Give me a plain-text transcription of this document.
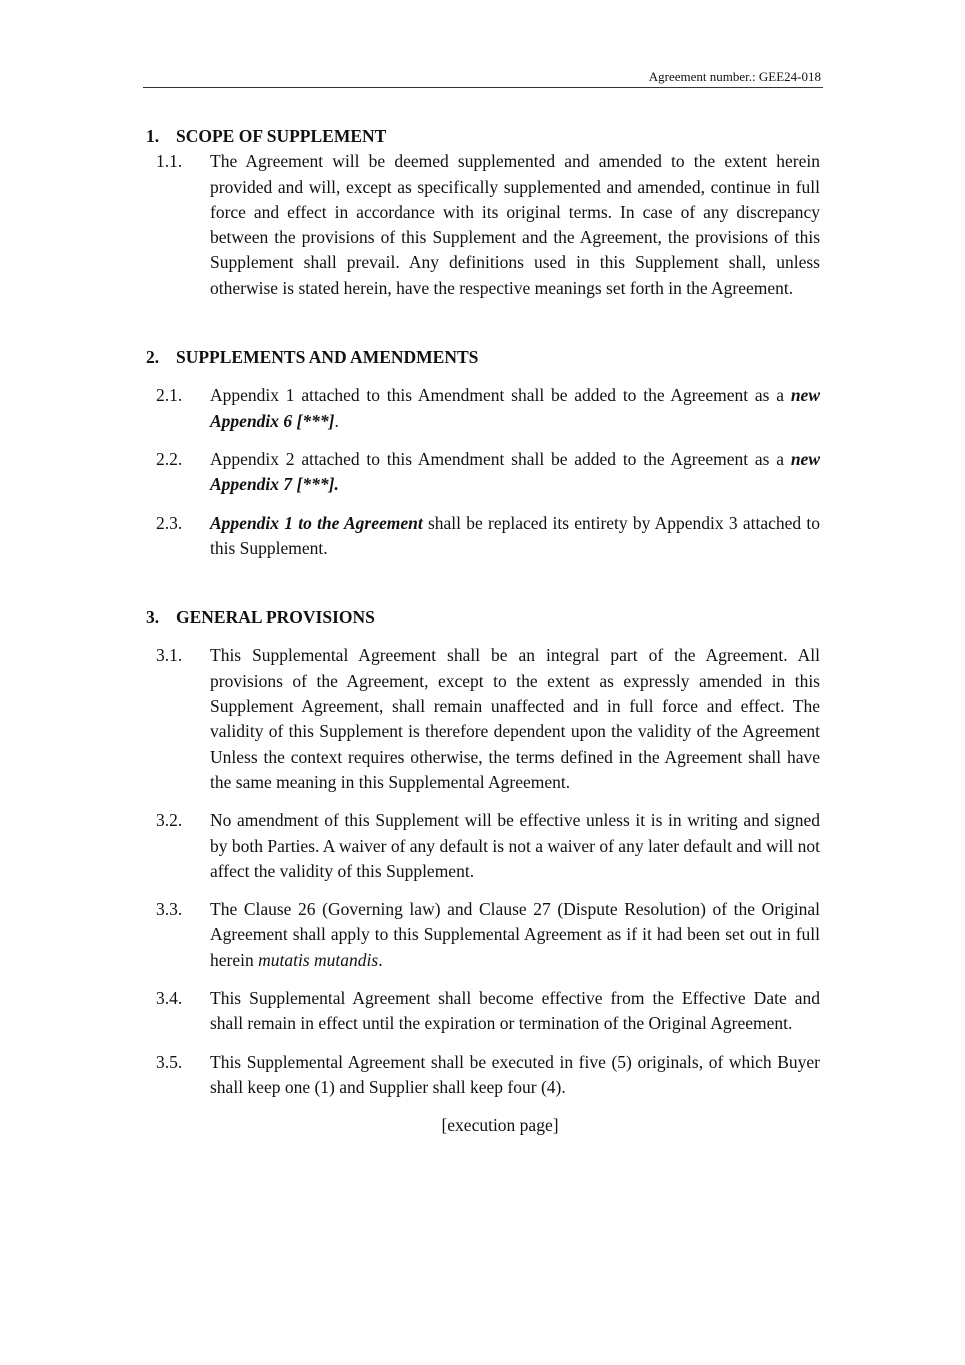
Agreement number.: GEE24-018
1. SCOPE OF SUPPLEMENT
1.1.	The Agreement will be deemed supplemented and amended to the extent herein provided and will, except as specifically supplemented and amended, continue in full force and effect in accordance with its original terms. In case of any discrepancy between the provisions of this Supplement and the Agreement, the provisions of this Supplement shall prevail. Any definitions used in this Supplement shall, unless otherwise is stated herein, have the respective meanings set forth in the Agreement.
2. SUPPLEMENTS AND AMENDMENTS
2.1.	Appendix 1 attached to this Amendment shall be added to the Agreement as a new Appendix 6 [***].
2.2.	Appendix 2 attached to this Amendment shall be added to the Agreement as a new Appendix 7 [***].
2.3.	Appendix 1 to the Agreement shall be replaced its entirety by Appendix 3 attached to this Supplement.
3. GENERAL PROVISIONS
3.1.	This Supplemental Agreement shall be an integral part of the Agreement. All provisions of the Agreement, except to the extent as expressly amended in this Supplement Agreement, shall remain unaffected and in full force and effect. The validity of this Supplement is therefore dependent upon the validity of the Agreement Unless the context requires otherwise, the terms defined in the Agreement shall have the same meaning in this Supplemental Agreement.
3.2.	No amendment of this Supplement will be effective unless it is in writing and signed by both Parties. A waiver of any default is not a waiver of any later default and will not affect the validity of this Supplement.
3.3.	The Clause 26 (Governing law) and Clause 27 (Dispute Resolution) of the Original Agreement shall apply to this Supplemental Agreement as if it had been set out in full herein mutatis mutandis.
3.4.	This Supplemental Agreement shall become effective from the Effective Date and shall remain in effect until the expiration or termination of the Original Agreement.
3.5.	This Supplemental Agreement shall be executed in five (5) originals, of which Buyer shall keep one (1) and Supplier shall keep four (4).
[execution page]
